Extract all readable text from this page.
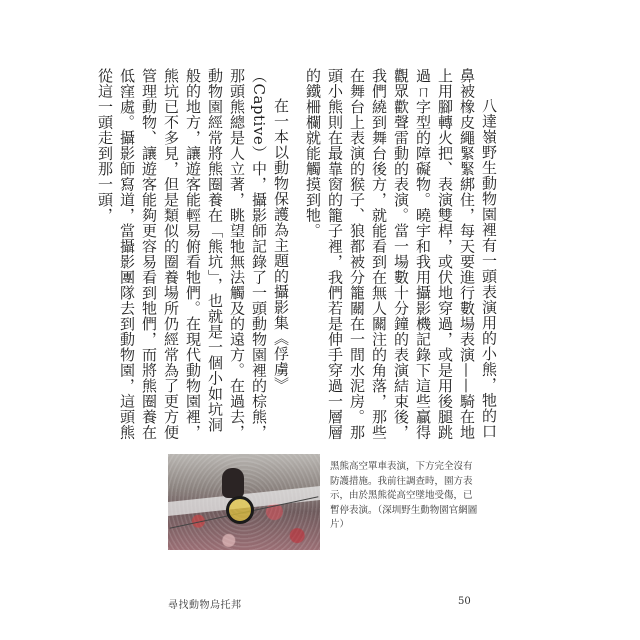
八達嶺野生動物園裡有一頭表演用的小熊，牠的口鼻被橡皮繩緊緊綁住，每天要進行數場表演——騎在地上用腳轉火把、表演雙桿，或伏地穿過，或是用後腿跳過ㄇ字型的障礙物。曉宇和我用攝影機記錄下這些贏得觀眾歡聲雷動的表演。當一場數十分鐘的表演結束後，我們繞到舞台後方，就能看到在無人關注的角落，那些在舞台上表演的猴子、狼都被分籠關在一間水泥房。那頭小熊則在最靠窗的籠子裡，我們若是伸手穿過一層層的鐵柵欄就能觸摸到牠。

在一本以動物保護為主題的攝影集《俘虜》（Captive）中，攝影師記錄了一頭動物園裡的棕熊，那頭熊總是人立著，眺望牠無法觸及的遠方。在過去，動物園經常將熊圈養在「熊坑」，也就是一個小如坑洞般的地方，讓遊客能輕易俯看牠們。在現代動物園裡，熊坑已不多見，但是類似的圈養場所仍經常為了更方便管理動物、讓遊客能夠更容易看到牠們，而將熊圈養在低窪處。攝影師寫道，當攝影團隊去到動物園，這頭熊從這一頭走到那一頭，

黑熊高空單車表演，下方完全沒有防護措施。我前往調查時，園方表示，由於黑熊從高空墜地受傷，已暫停表演。（深圳野生動物園官網圖片）
尋找動物烏托邦	50
